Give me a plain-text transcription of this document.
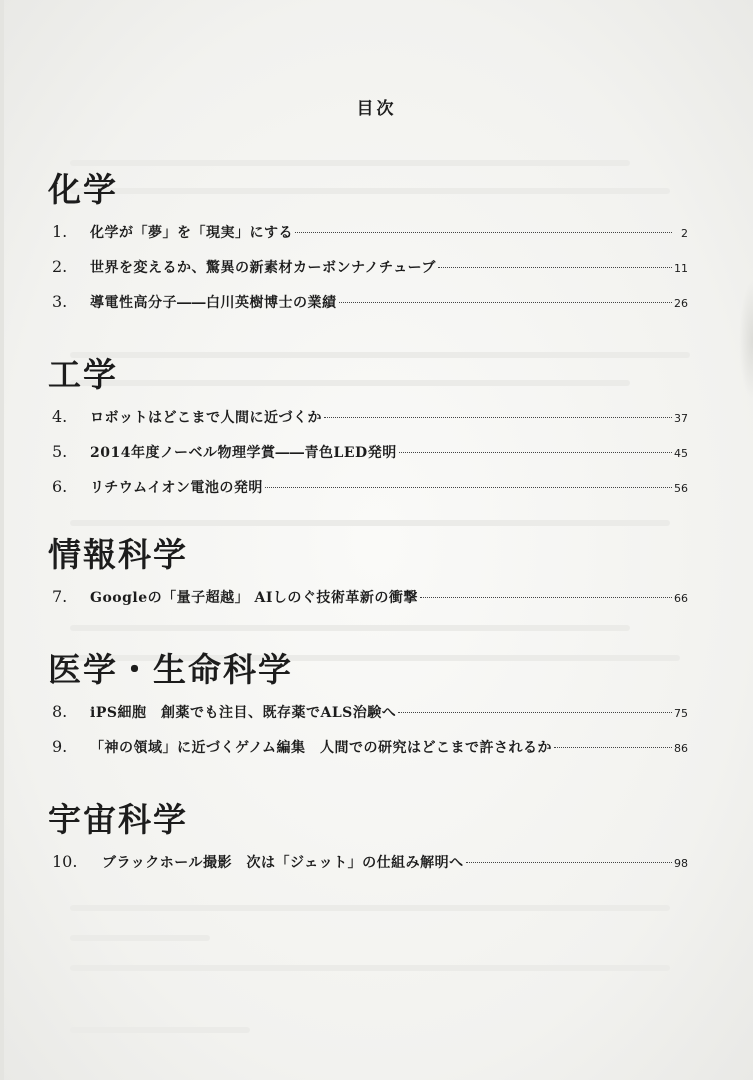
目次
化学
1.	化学が「夢」を「現実」にする	2
2.	世界を変えるか、驚異の新素材カーボンナノチューブ	11
3.	導電性高分子――白川英樹博士の業績	26
工学
4.	ロボットはどこまで人間に近づくか	37
5.	2014年度ノーベル物理学賞――青色LED発明	45
6.	リチウムイオン電池の発明	56
情報科学
7.	Googleの「量子超越」 AIしのぐ技術革新の衝撃	66
医学・生命科学
8.	iPS細胞　創薬でも注目、既存薬でALS治験へ	75
9.	「神の領域」に近づくゲノム編集　人間での研究はどこまで許されるか	86
宇宙科学
10.	ブラックホール撮影　次は「ジェット」の仕組み解明へ	98
